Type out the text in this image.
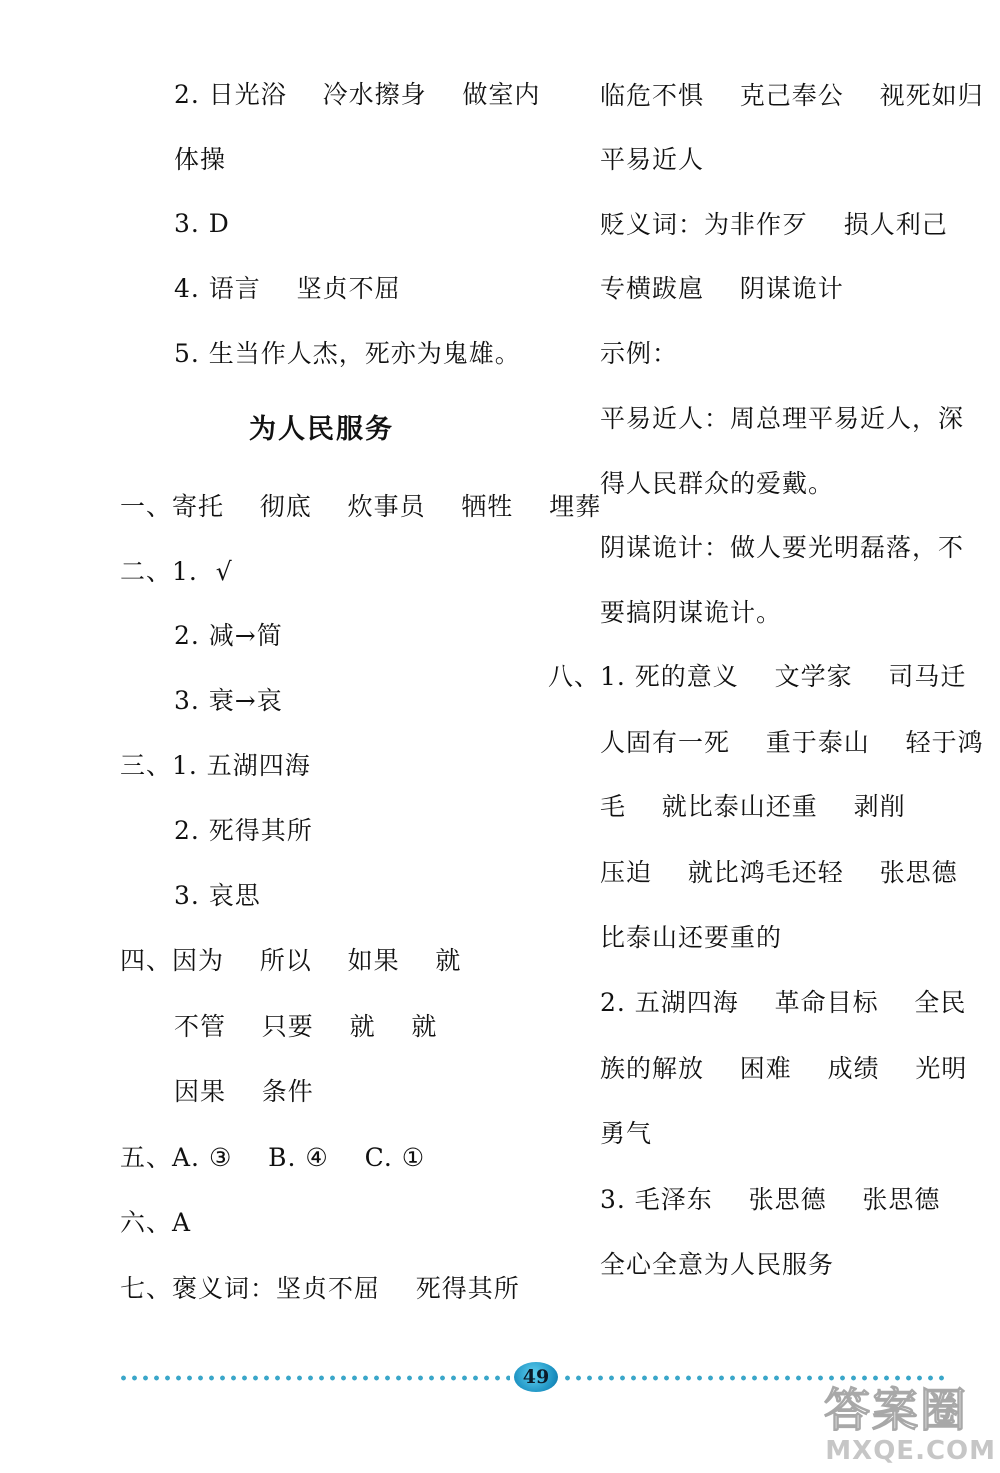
2. 日光浴    冷水擦身    做室内
体操
3. D
4. 语言    坚贞不屈
5. 生当作人杰，死亦为鬼雄。
为人民服务
一、寄托    彻底    炊事员    牺牲    埋葬
二、1.  √
2. 减→简
3. 衰→哀
三、1. 五湖四海
2. 死得其所
3. 哀思
四、因为    所以    如果    就
不管    只要    就    就
因果    条件
五、A. ③    B. ④    C. ①
六、A
七、褒义词：坚贞不屈    死得其所
临危不惧    克己奉公    视死如归
平易近人
贬义词：为非作歹    损人利己
专横跋扈    阴谋诡计
示例：
平易近人：周总理平易近人，深
得人民群众的爱戴。
阴谋诡计：做人要光明磊落，不
要搞阴谋诡计。
八、1. 死的意义    文学家    司马迁
人固有一死    重于泰山    轻于鸿
毛    就比泰山还重    剥削
压迫    就比鸿毛还轻    张思德
比泰山还要重的
2. 五湖四海    革命目标    全民
族的解放    困难    成绩    光明
勇气
3. 毛泽东    张思德    张思德
全心全意为人民服务
49
答案圈
MXQE.COM
